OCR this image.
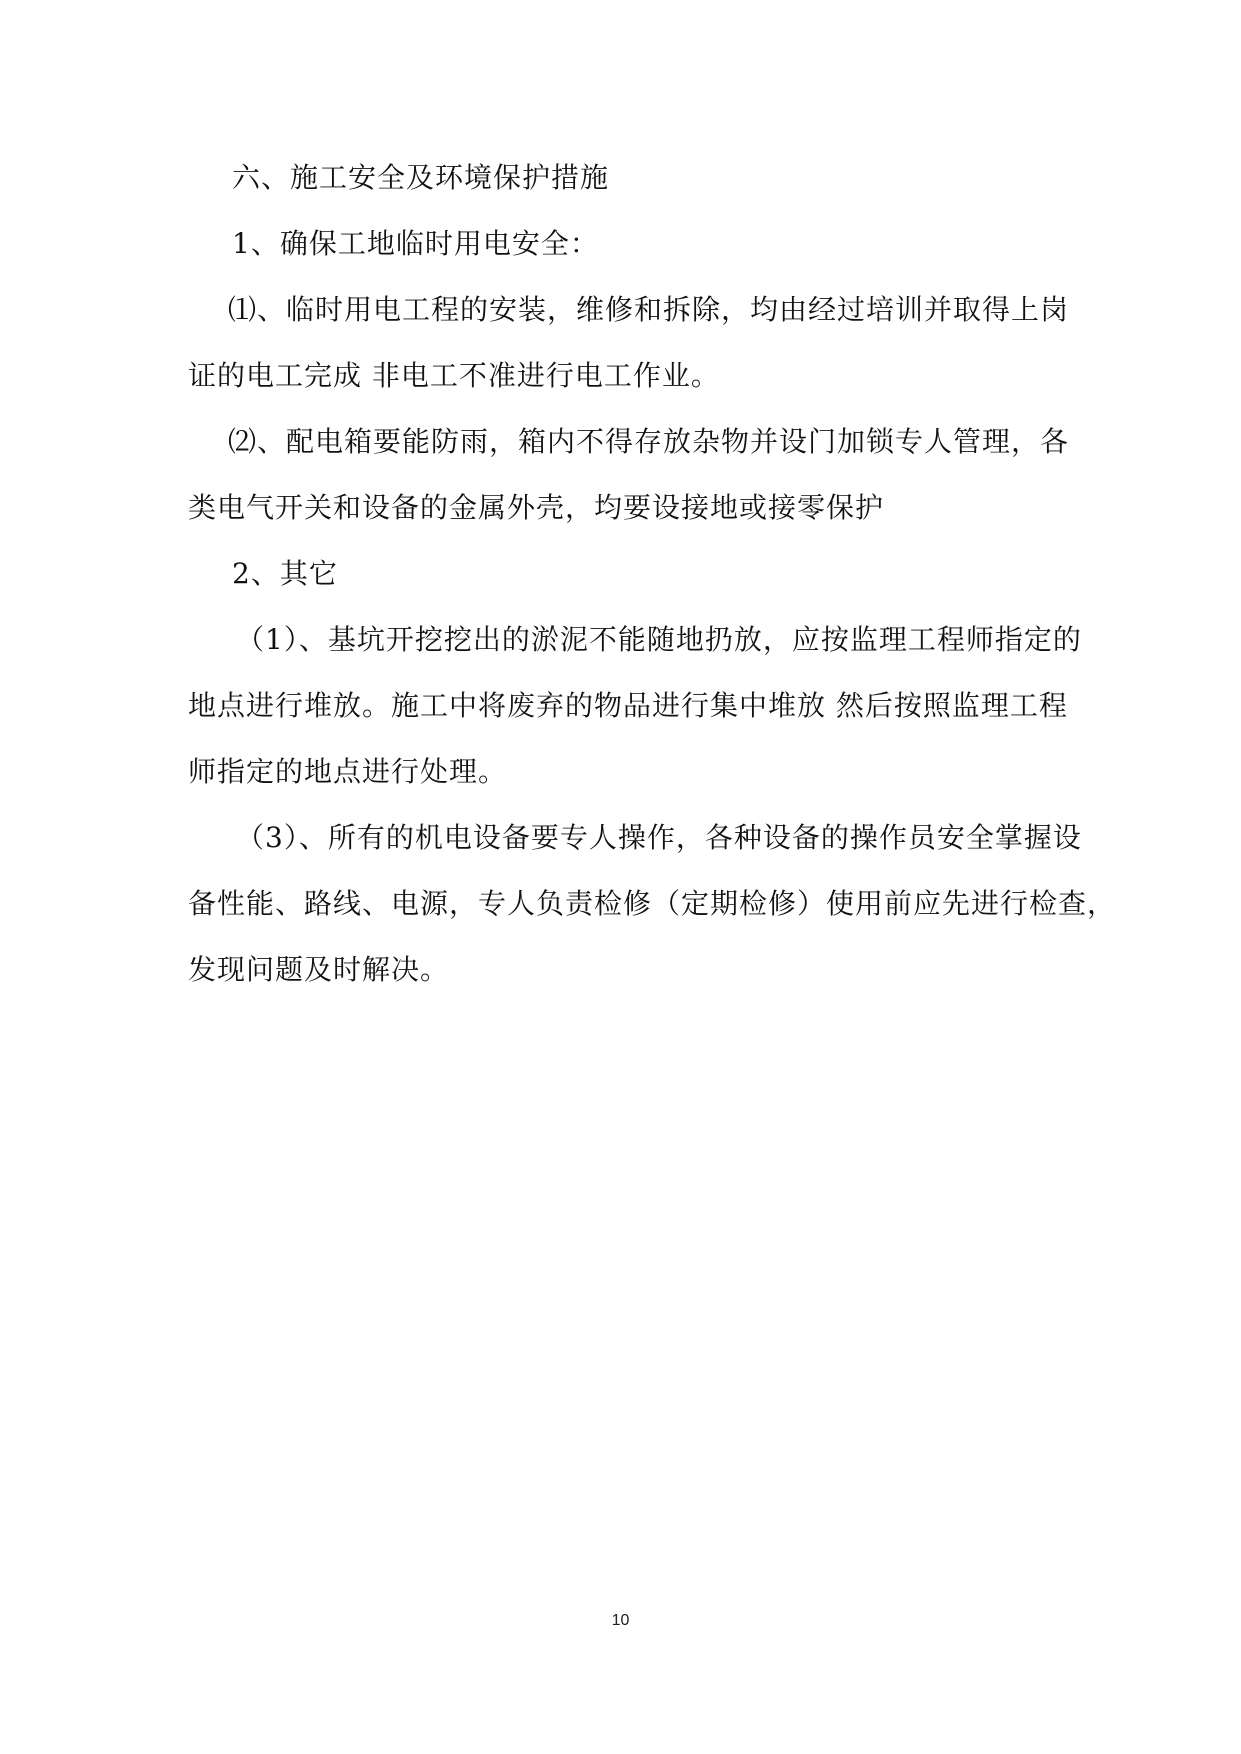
六、施工安全及环境保护措施
1、确保工地临时用电安全：
⑴、临时用电工程的安装，维修和拆除，均由经过培训并取得上岗
证的电工完成 非电工不准进行电工作业。
⑵、配电箱要能防雨，箱内不得存放杂物并设门加锁专人管理，各
类电气开关和设备的金属外壳，均要设接地或接零保护
2、其它
（1）、基坑开挖挖出的淤泥不能随地扔放，应按监理工程师指定的
地点进行堆放。施工中将废弃的物品进行集中堆放 然后按照监理工程
师指定的地点进行处理。
（3）、所有的机电设备要专人操作，各种设备的操作员安全掌握设
备性能、路线、电源，专人负责检修（定期检修）使用前应先进行检查，
发现问题及时解决。
10
